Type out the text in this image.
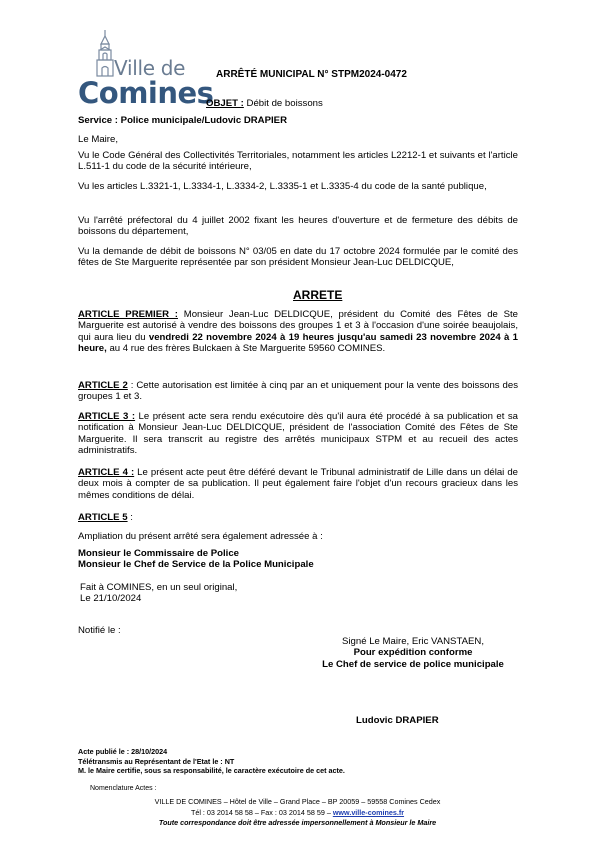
Ville de
Comines
ARRÊTÉ MUNICIPAL N° STPM2024-0472
OBJET : Débit de boissons

Service : Police municipale/Ludovic DRAPIER

Le Maire,

Vu le Code Général des Collectivités Territoriales, notamment les articles L2212-1 et suivants et l'article L.511-1 du code de la sécurité intérieure,

Vu les articles L.3321-1, L.3334-1, L.3334-2, L.3335-1 et L.3335-4 du code de la santé publique,

Vu l'arrêté préfectoral du 4 juillet 2002 fixant les heures d'ouverture et de fermeture des débits de boissons du département,

Vu la demande de débit de boissons N° 03/05 en date du 17 octobre 2024 formulée par le comité des fêtes de Ste Marguerite représentée par son président Monsieur Jean-Luc DELDICQUE,

ARRETE

ARTICLE PREMIER : Monsieur Jean-Luc DELDICQUE, président du Comité des Fêtes de Ste Marguerite est autorisé à vendre des boissons des groupes 1 et 3 à l'occasion d'une soirée beaujolais, qui aura lieu du vendredi 22 novembre 2024 à 19 heures jusqu'au samedi 23 novembre 2024 à 1 heure, au 4 rue des frères Bulckaen à Ste Marguerite 59560 COMINES.

ARTICLE 2 : Cette autorisation est limitée à cinq par an et uniquement pour la vente des boissons des groupes 1 et 3.

ARTICLE 3 : Le présent acte sera rendu exécutoire dès qu'il aura été procédé à sa publication et sa notification à Monsieur Jean-Luc DELDICQUE, président de l'association Comité des Fêtes de Ste Marguerite. Il sera transcrit au registre des arrêtés municipaux STPM et au recueil des actes administratifs.

ARTICLE 4 : Le présent acte peut être déféré devant le Tribunal administratif de Lille dans un délai de deux mois à compter de sa publication. Il peut également faire l'objet d'un recours gracieux dans les mêmes conditions de délai.

ARTICLE 5 :

Ampliation du présent arrêté sera également adressée à :

Monsieur le Commissaire de Police
Monsieur le Chef de Service de la Police Municipale
Fait à COMINES, en un seul original,
Le 21/10/2024
Notifié le :
Signé Le Maire, Eric VANSTAEN,
Pour expédition conforme
Le Chef de service de police municipale
Ludovic DRAPIER
Acte publié le : 28/10/2024
Télétransmis au Représentant de l'Etat le : NT
M. le Maire certifie, sous sa responsabilité, le caractère exécutoire de cet acte.
Nomenclature Actes :
VILLE DE COMINES – Hôtel de Ville – Grand Place – BP 20059 – 59558 Comines Cedex
Tél : 03 2014 58 58 – Fax : 03 2014 58 59 – www.ville-comines.fr
Toute correspondance doit être adressée impersonnellement à Monsieur le Maire
